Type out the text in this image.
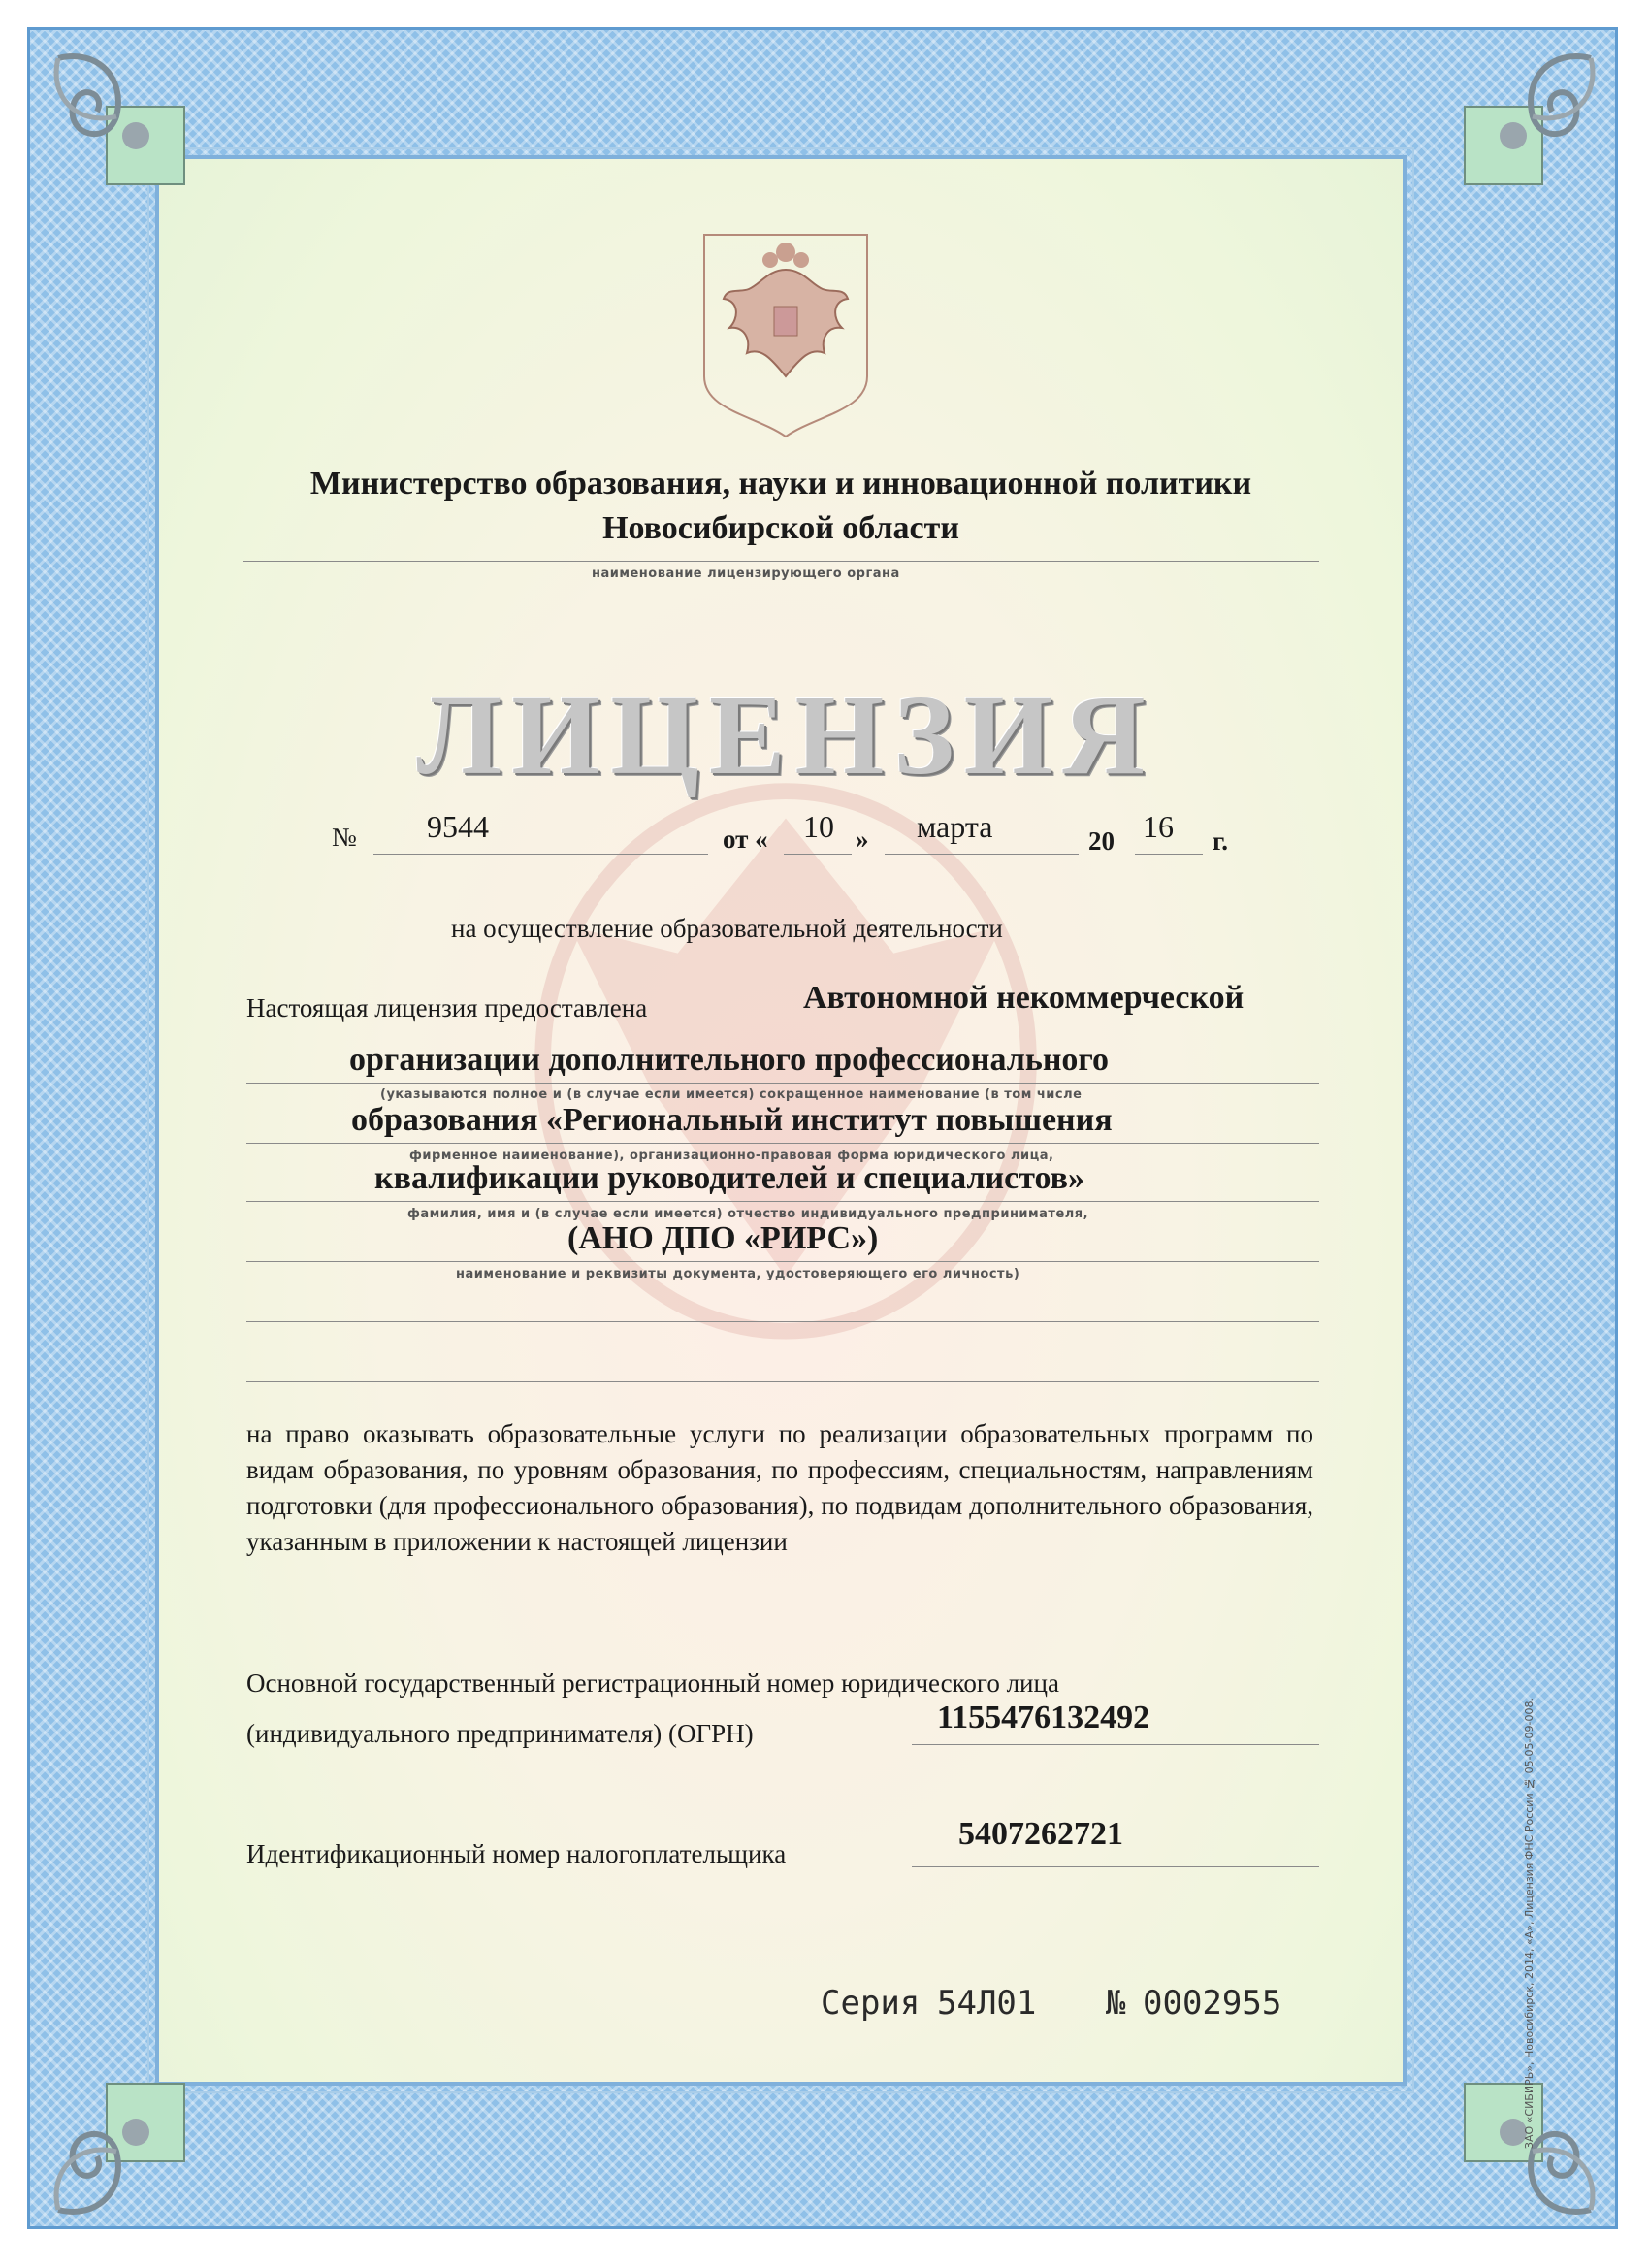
Министерство образования, науки и инновационной политики
Новосибирской области
наименование лицензирующего органа
ЛИЦЕНЗИЯ
№ 9544	от « 10 » марта	20 16 г.
на осуществление образовательной деятельности
Настоящая лицензия предоставлена	Автономной некоммерческой
организации дополнительного профессионального
(указываются полное и (в случае если имеется) сокращенное наименование (в том числе
образования «Региональный институт повышения
фирменное наименование), организационно-правовая форма юридического лица,
квалификации руководителей и специалистов»
фамилия, имя и (в случае если имеется) отчество индивидуального предпринимателя,
(АНО ДПО «РИРС»)
наименование и реквизиты документа, удостоверяющего его личность)
на право оказывать образовательные услуги по реализации образовательных программ по видам образования, по уровням образования, по профессиям, специальностям, направлениям подготовки (для профессионального образования), по подвидам дополнительного образования, указанным в приложении к настоящей лицензии
Основной государственный регистрационный номер юридического лица
(индивидуального предпринимателя) (ОГРН)	1155476132492
Идентификационный номер налогоплательщика
5407262721
Серия 54Л01 № 0002955	ЗАО «СИБИРЬ», Новосибирск, 2014, «А», Лицензия ФНС России № 05-05-09-008.
